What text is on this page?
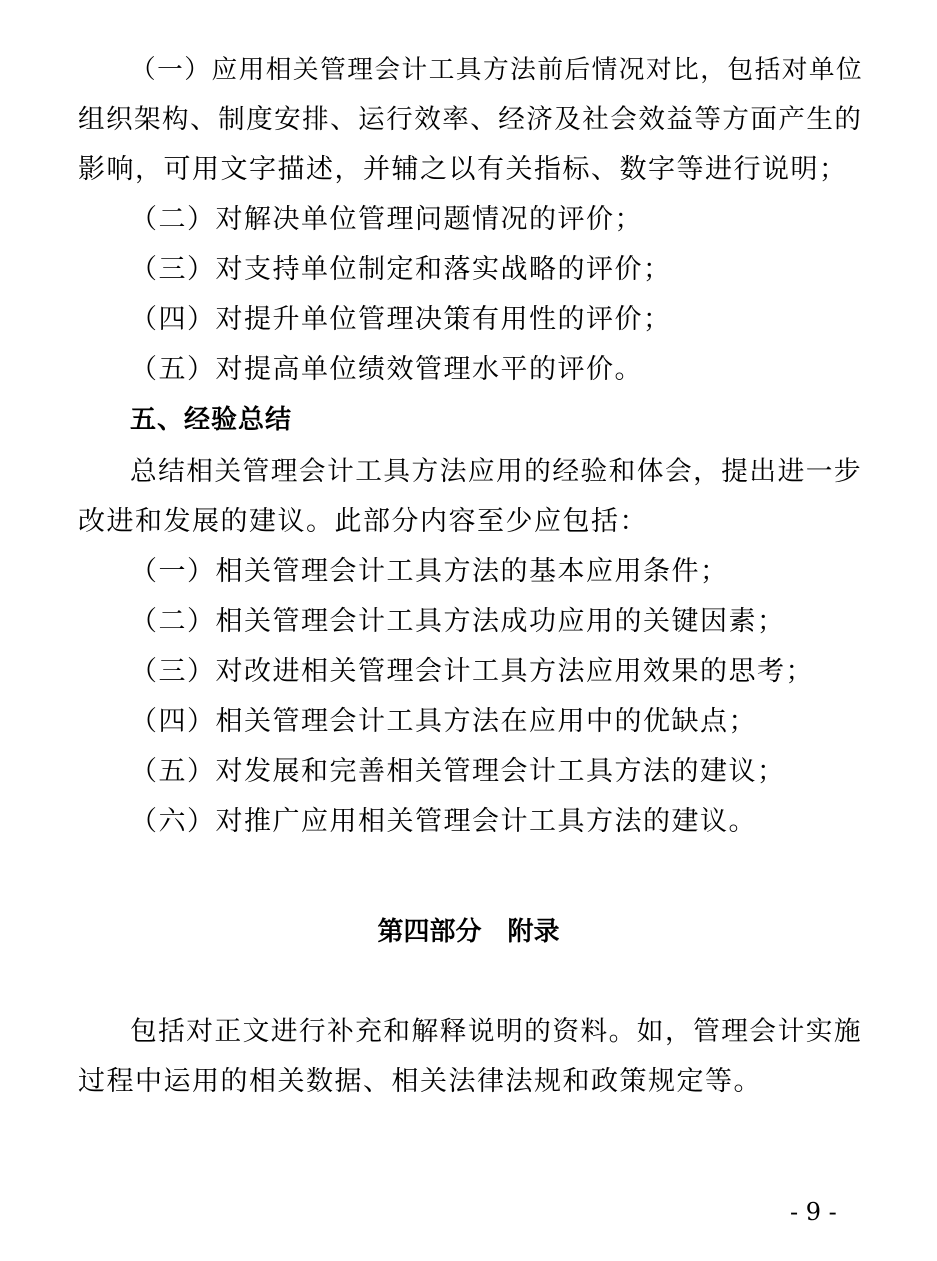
（一）应用相关管理会计工具方法前后情况对比，包括对单位
组织架构、制度安排、运行效率、经济及社会效益等方面产生的
影响，可用文字描述，并辅之以有关指标、数字等进行说明；
（二）对解决单位管理问题情况的评价；
（三）对支持单位制定和落实战略的评价；
（四）对提升单位管理决策有用性的评价；
（五）对提高单位绩效管理水平的评价。
五、经验总结
总结相关管理会计工具方法应用的经验和体会，提出进一步
改进和发展的建议。此部分内容至少应包括：
（一）相关管理会计工具方法的基本应用条件；
（二）相关管理会计工具方法成功应用的关键因素；
（三）对改进相关管理会计工具方法应用效果的思考；
（四）相关管理会计工具方法在应用中的优缺点；
（五）对发展和完善相关管理会计工具方法的建议；
（六）对推广应用相关管理会计工具方法的建议。
第四部分　附录
包括对正文进行补充和解释说明的资料。如，管理会计实施
过程中运用的相关数据、相关法律法规和政策规定等。
- 9 -
